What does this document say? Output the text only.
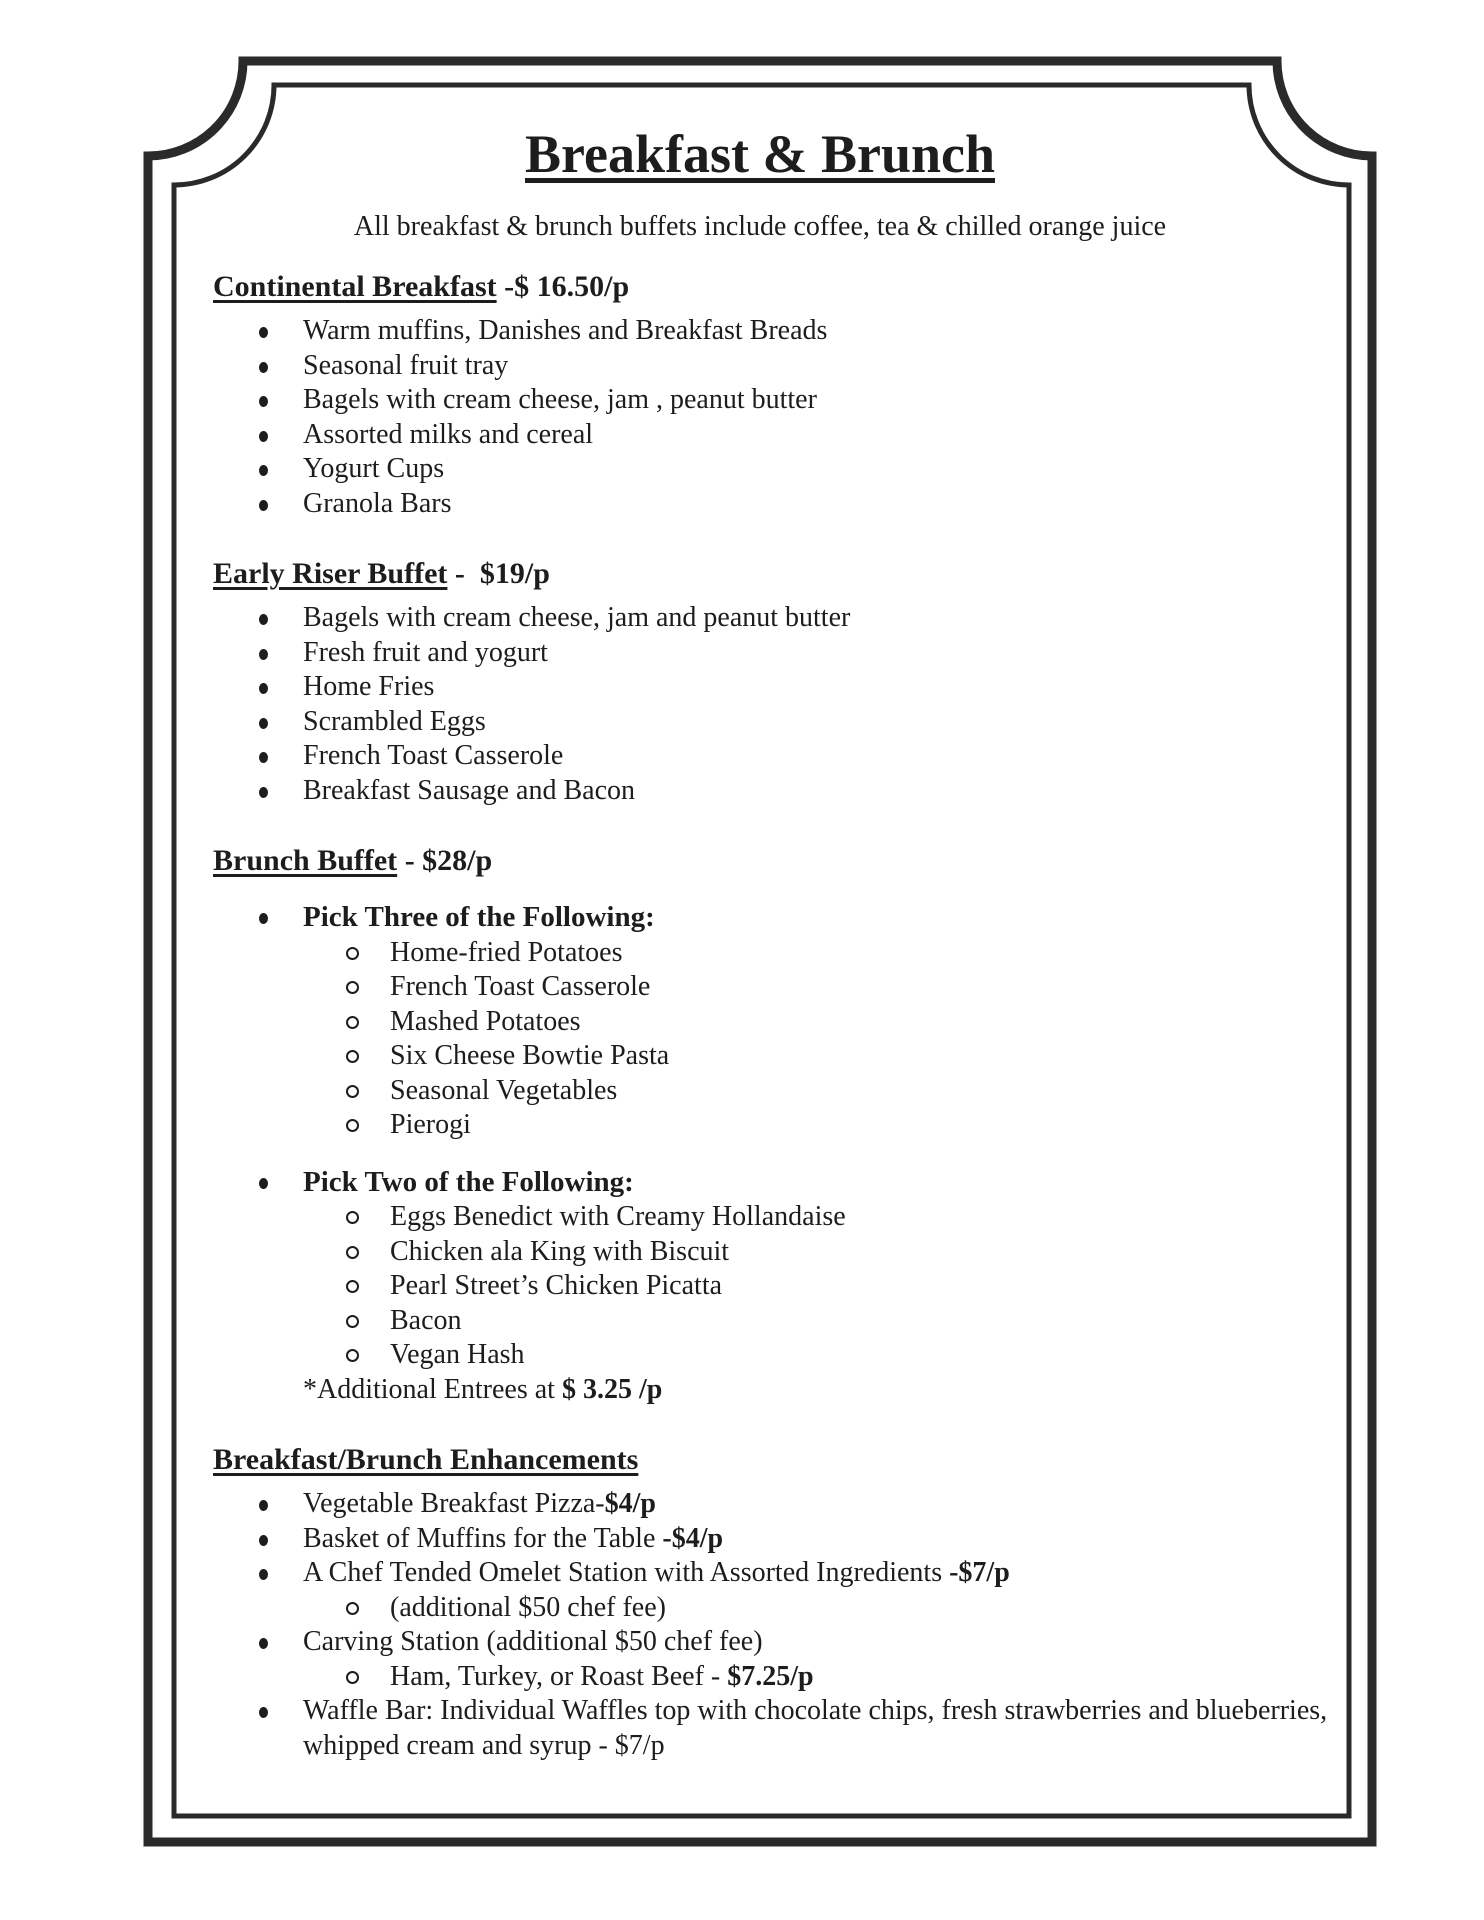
Breakfast & Brunch

All breakfast & brunch buffets include coffee, tea & chilled orange juice

Continental Breakfast -$ 16.50/p
Warm muffins, Danishes and Breakfast Breads
Seasonal fruit tray
Bagels with cream cheese, jam , peanut butter
Assorted milks and cereal
Yogurt Cups
Granola Bars
Early Riser Buffet -  $19/p
Bagels with cream cheese, jam and peanut butter
Fresh fruit and yogurt
Home Fries
Scrambled Eggs
French Toast Casserole
Breakfast Sausage and Bacon
Brunch Buffet - $28/p
Pick Three of the Following:
Home-fried Potatoes
French Toast Casserole
Mashed Potatoes
Six Cheese Bowtie Pasta
Seasonal Vegetables
Pierogi
Pick Two of the Following:
Eggs Benedict with Creamy Hollandaise
Chicken ala King with Biscuit
Pearl Street’s Chicken Picatta
Bacon
Vegan Hash
*Additional Entrees at $ 3.25 /p
Breakfast/Brunch Enhancements
Vegetable Breakfast Pizza-$4/p
Basket of Muffins for the Table -$4/p
A Chef Tended Omelet Station with Assorted Ingredients -$7/p
(additional $50 chef fee)
Carving Station (additional $50 chef fee)
Ham, Turkey, or Roast Beef - $7.25/p
Waffle Bar: Individual Waffles top with chocolate chips, fresh strawberries and blueberries, whipped cream and syrup - $7/p
